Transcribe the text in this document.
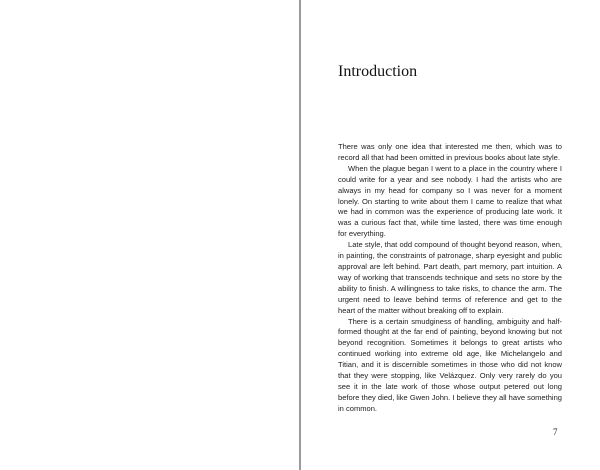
Introduction

There was only one idea that interested me then, which was to record all that had been omitted in previous books about late style.

When the plague began I went to a place in the country where I could write for a year and see nobody. I had the artists who are always in my head for company so I was never for a moment lonely. On starting to write about them I came to realize that what we had in common was the experience of producing late work. It was a curious fact that, while time lasted, there was time enough for everything.

Late style, that odd compound of thought beyond reason, when, in painting, the constraints of patronage, sharp eyesight and public approval are left behind. Part death, part memory, part intuition. A way of working that transcends technique and sets no store by the ability to finish. A willingness to take risks, to chance the arm. The urgent need to leave behind terms of reference and get to the heart of the matter without breaking off to explain.

There is a certain smudginess of handling, ambiguity and half-formed thought at the far end of painting, beyond knowing but not beyond recognition. Sometimes it belongs to great artists who continued working into extreme old age, like Michelangelo and Titian, and it is discernible sometimes in those who did not know that they were stopping, like Velázquez. Only very rarely do you see it in the late work of those whose output petered out long before they died, like Gwen John. I believe they all have something in common.

7
